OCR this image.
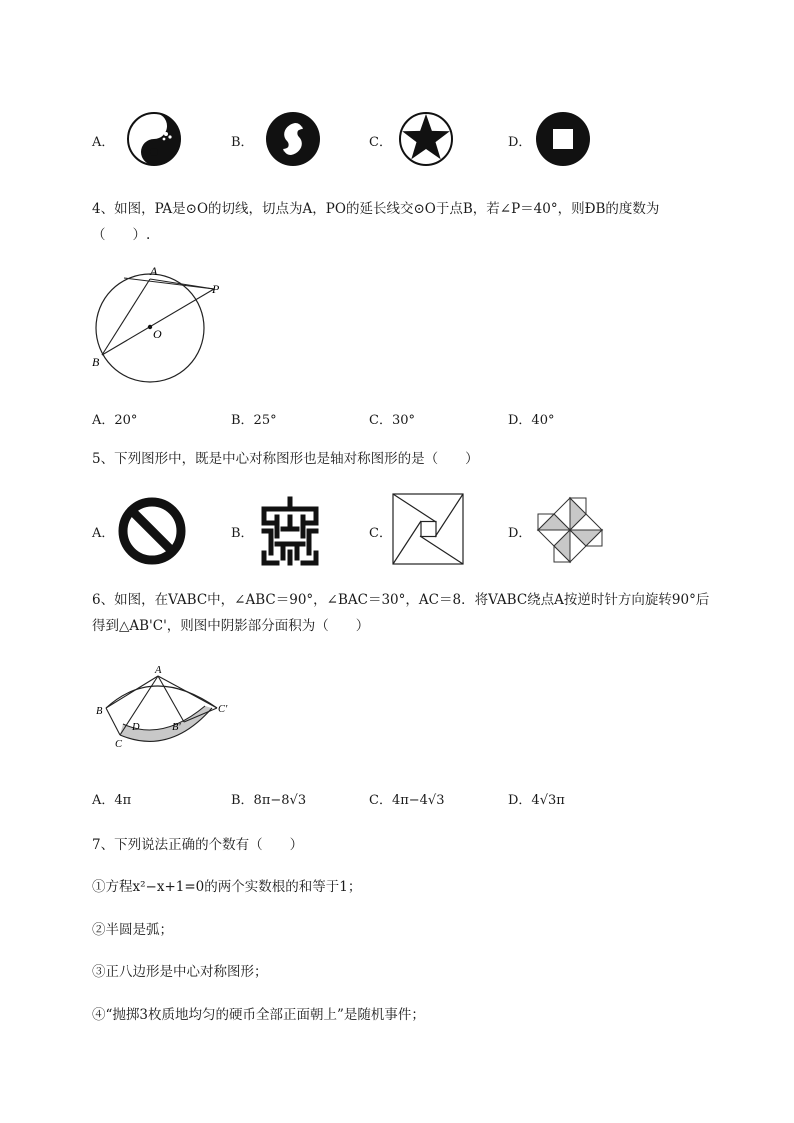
A．	B．	C．	D．
4、如图，PA是⊙O的切线，切点为A，PO的延长线交⊙O于点B，若∠P＝40°，则ÐB的度数为
（　　）.
A
P
O
B
A．20°	B．25°	C．30°	D．40°
5、下列图形中，既是中心对称图形也是轴对称图形的是（　　）
A．	B．	C．	D．
6、如图，在VABC中，∠ABC＝90°，∠BAC＝30°，AC＝8．将VABC绕点A按逆时针方向旋转90°后
得到△AB'C'，则图中阴影部分面积为（　　）
A
B
C
D	B'
C'
A．4π	B．8π−8√3	C．4π−4√3	D．4√3π
7、下列说法正确的个数有（　　）
①方程x²−x+1=0的两个实数根的和等于1；
②半圆是弧；
③正八边形是中心对称图形；
④“抛掷3枚质地均匀的硬币全部正面朝上”是随机事件；
